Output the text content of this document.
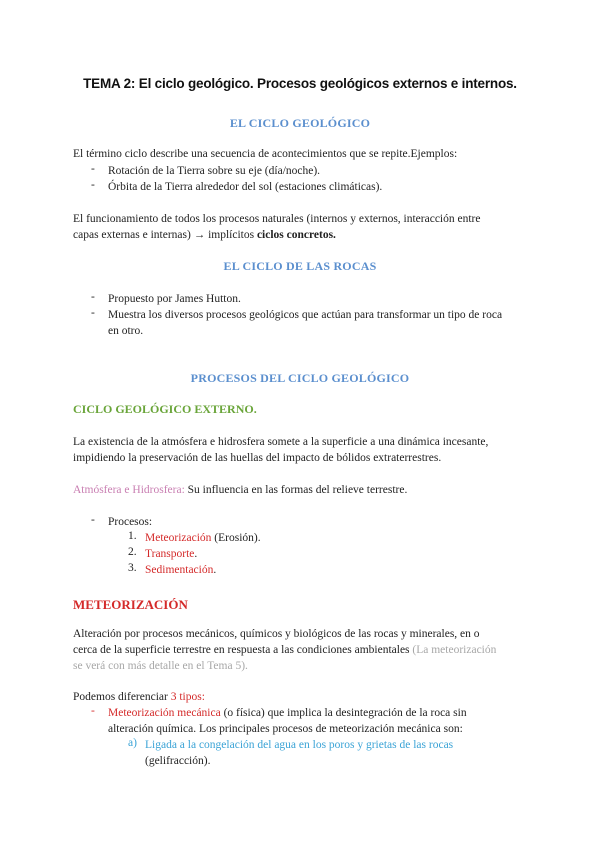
TEMA 2: El ciclo geológico. Procesos geológicos externos e internos.
EL CICLO GEOLÓGICO
El término ciclo describe una secuencia de acontecimientos que se repite.Ejemplos:
- Rotación de la Tierra sobre su eje (día/noche).
- Órbita de la Tierra alrededor del sol (estaciones climáticas).
El funcionamiento de todos los procesos naturales (internos y externos, interacción entre
capas externas e internas) → implícitos ciclos concretos.
EL CICLO DE LAS ROCAS
- Propuesto por James Hutton.
- Muestra los diversos procesos geológicos que actúan para transformar un tipo de roca
en otro.
PROCESOS DEL CICLO GEOLÓGICO
CICLO GEOLÓGICO EXTERNO.
La existencia de la atmósfera e hidrosfera somete a la superficie a una dinámica incesante,
impidiendo la preservación de las huellas del impacto de bólidos extraterrestres.
Atmósfera e Hidrosfera: Su influencia en las formas del relieve terrestre.
- Procesos:
1. Meteorización (Erosión).
2. Transporte.
3. Sedimentación.
METEORIZACIÓN
Alteración por procesos mecánicos, químicos y biológicos de las rocas y minerales, en o
cerca de la superficie terrestre en respuesta a las condiciones ambientales (La meteorización
se verá con más detalle en el Tema 5).
Podemos diferenciar 3 tipos:
- Meteorización mecánica (o física) que implica la desintegración de la roca sin
alteración química. Los principales procesos de meteorización mecánica son:
a) Ligada a la congelación del agua en los poros y grietas de las rocas
(gelifracción).
